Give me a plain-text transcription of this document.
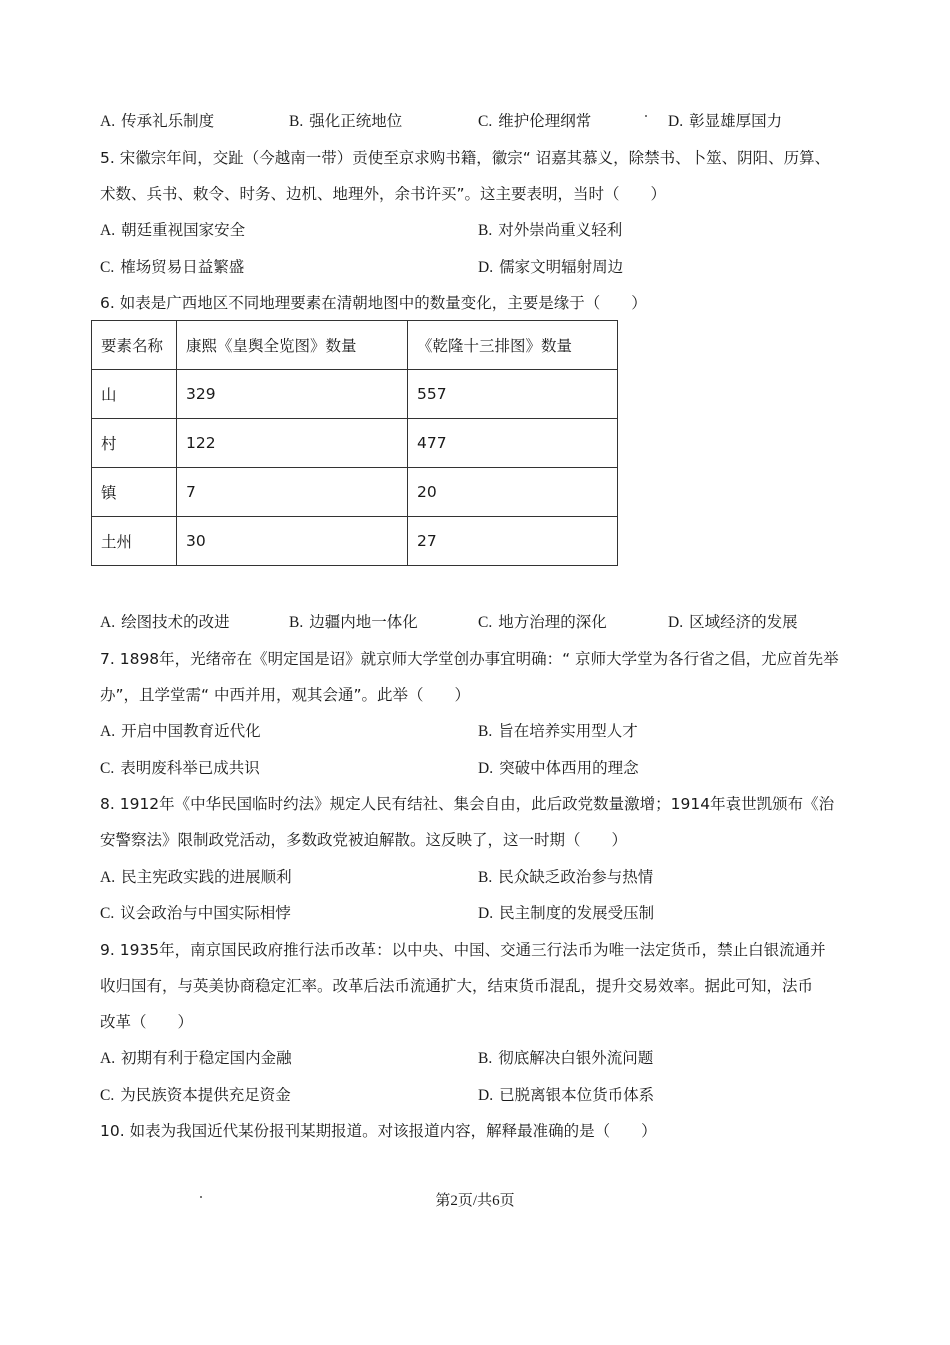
A. 传承礼乐制度	B. 强化正统地位	C. 维护伦理纲常	D. 彰显雄厚国力
5. 宋徽宗年间，交趾（今越南一带）贡使至京求购书籍，徽宗“ 诏嘉其慕义，除禁书、卜筮、阴阳、历算、
术数、兵书、敕令、时务、边机、地理外，余书许买”。这主要表明，当时（　　）
A. 朝廷重视国家安全	B. 对外崇尚重义轻利
C. 榷场贸易日益繁盛	D. 儒家文明辐射周边
6. 如表是广西地区不同地理要素在清朝地图中的数量变化，主要是缘于（　　）
要素名称	康熙《皇舆全览图》数量	《乾隆十三排图》数量
山	329	557
村	122	477
镇	7	20
土州	30	27
A. 绘图技术的改进	B. 边疆内地一体化	C. 地方治理的深化	D. 区域经济的发展
7. 1898年，光绪帝在《明定国是诏》就京师大学堂创办事宜明确：“ 京师大学堂为各行省之倡，尤应首先举
办”，且学堂需“ 中西并用，观其会通”。此举（　　）
A. 开启中国教育近代化	B. 旨在培养实用型人才
C. 表明废科举已成共识	D. 突破中体西用的理念
8. 1912年《中华民国临时约法》规定人民有结社、集会自由，此后政党数量激增；1914年袁世凯颁布《治
安警察法》限制政党活动，多数政党被迫解散。这反映了，这一时期（　　）
A. 民主宪政实践的进展顺利	B. 民众缺乏政治参与热情
C. 议会政治与中国实际相悖	D. 民主制度的发展受压制
9. 1935年，南京国民政府推行法币改革：以中央、中国、交通三行法币为唯一法定货币，禁止白银流通并
收归国有，与英美协商稳定汇率。改革后法币流通扩大，结束货币混乱，提升交易效率。据此可知，法币
改革（　　）
A. 初期有利于稳定国内金融	B. 彻底解决白银外流问题
C. 为民族资本提供充足资金	D. 已脱离银本位货币体系
10. 如表为我国近代某份报刊某期报道。对该报道内容，解释最准确的是（　　）
第2页/共6页
